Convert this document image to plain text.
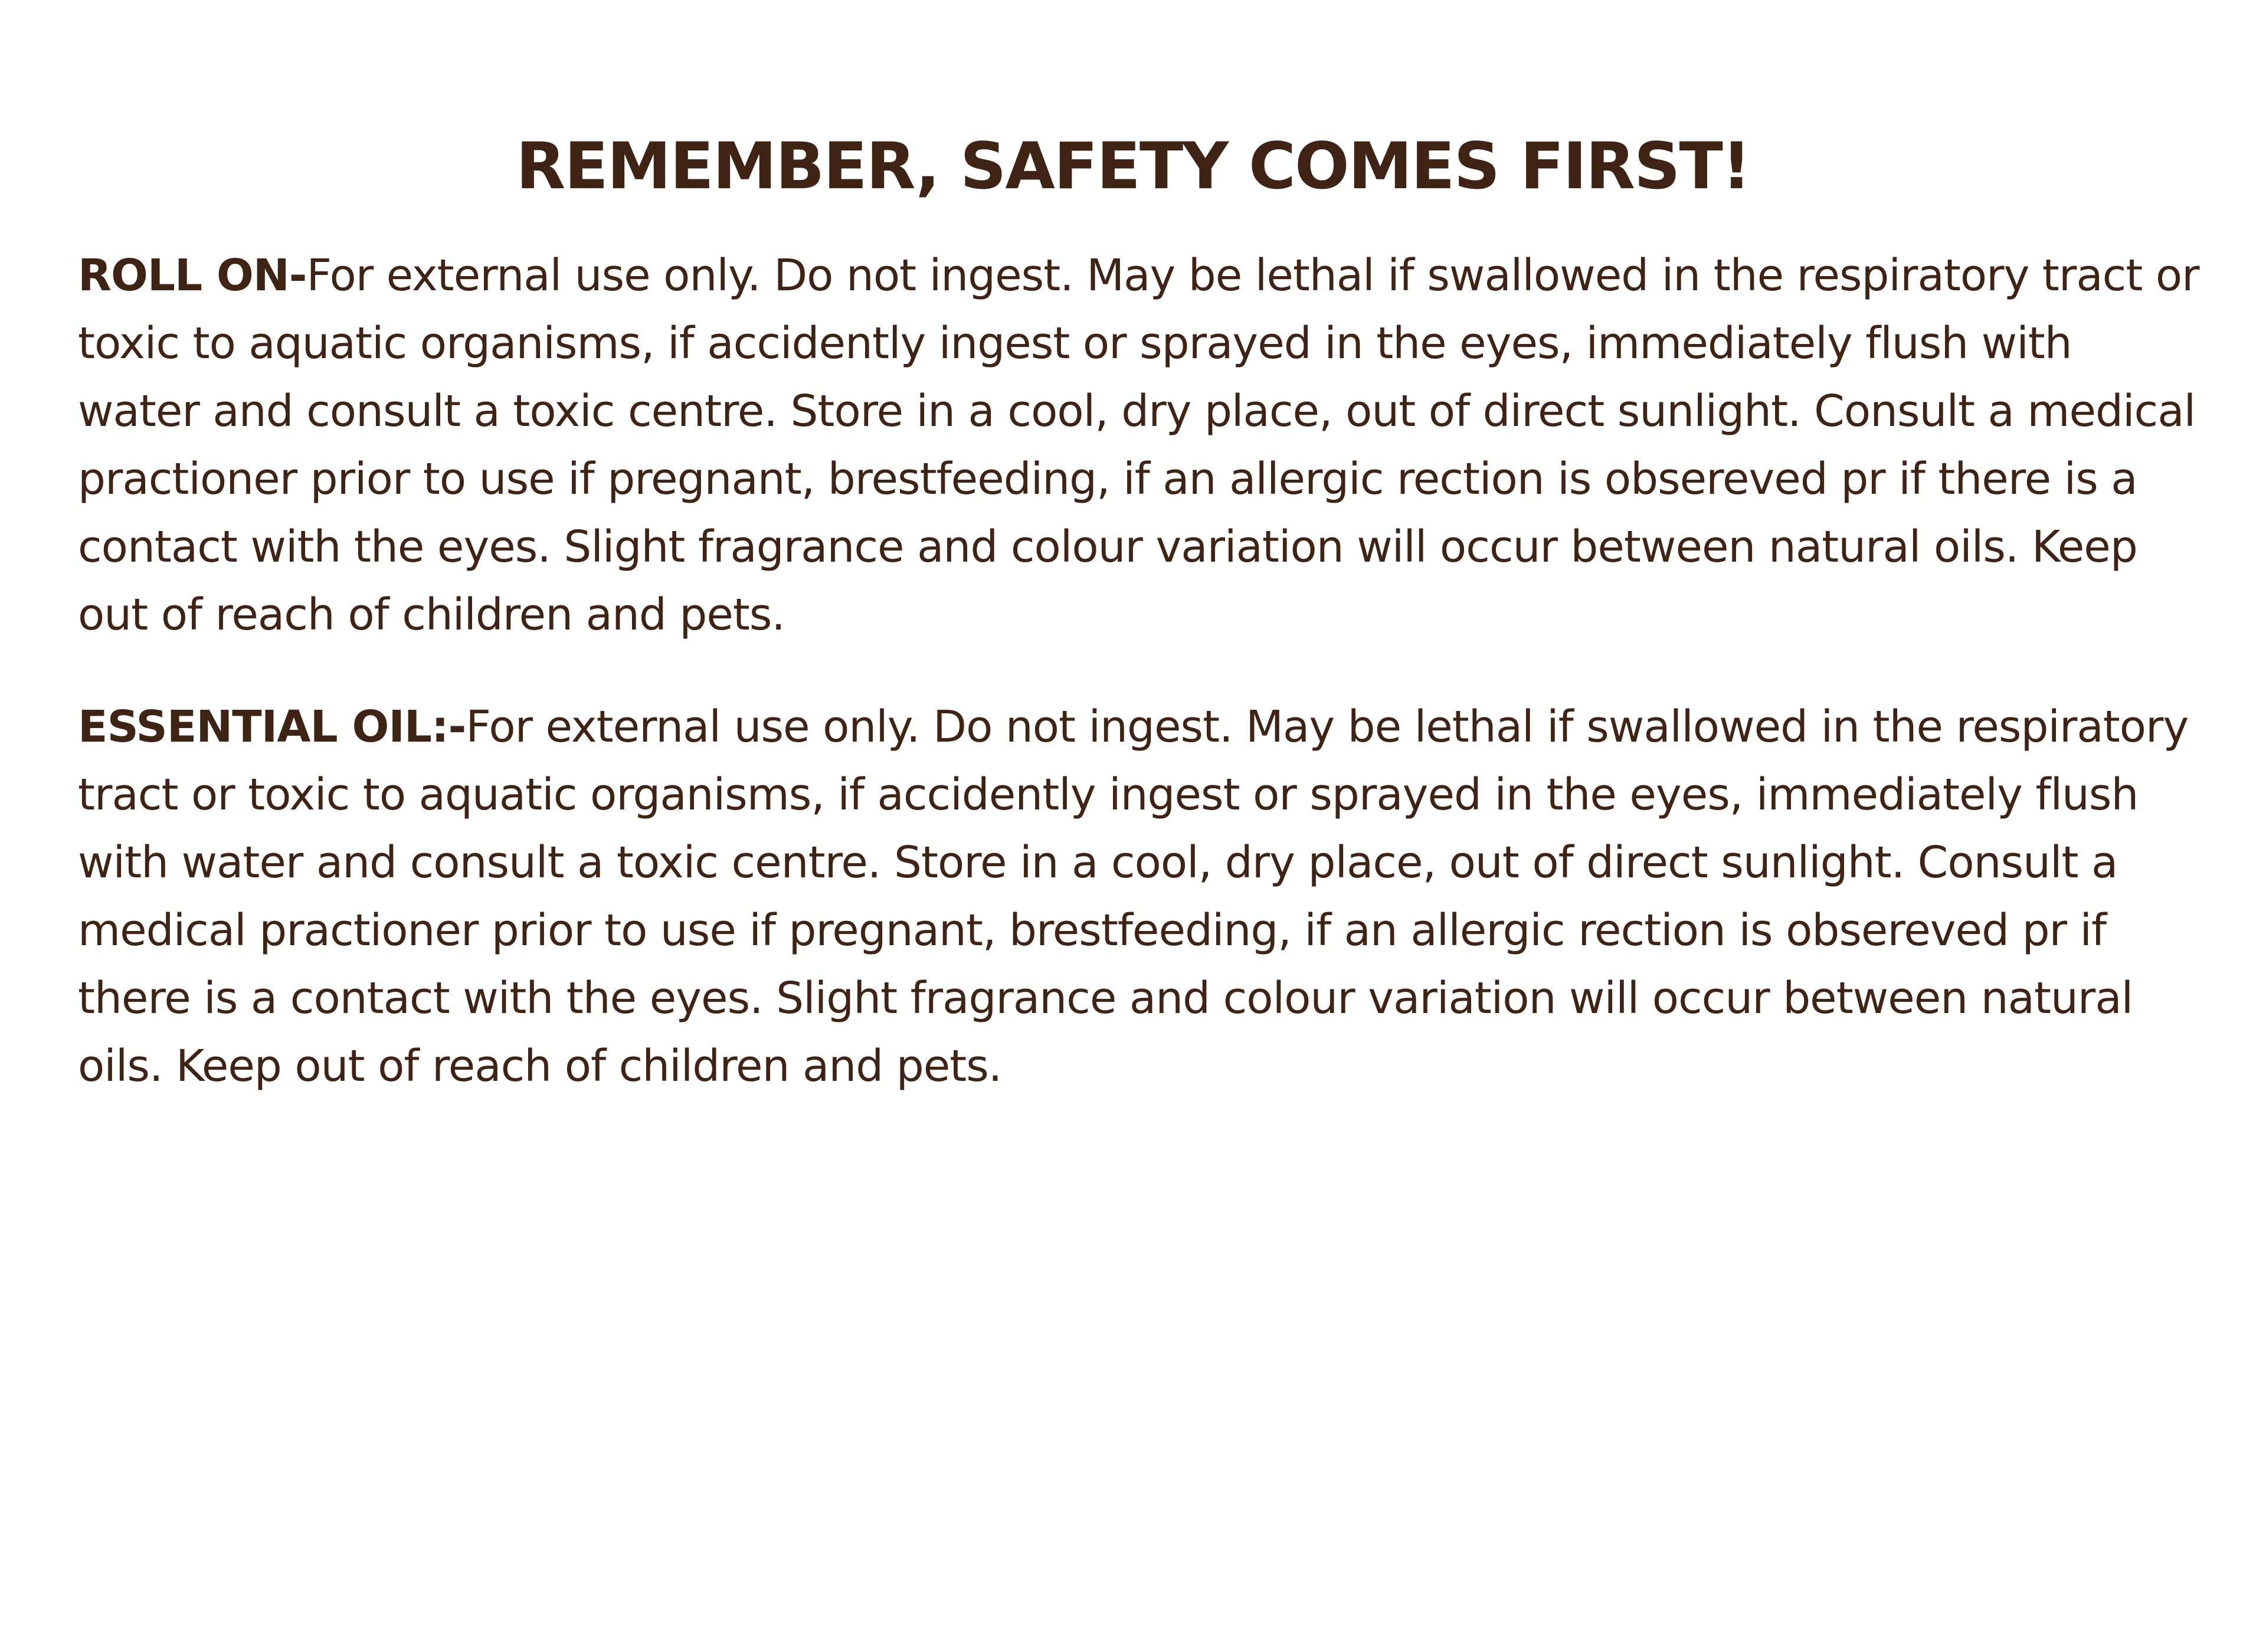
REMEMBER, SAFETY COMES FIRST!

ROLL ON-For external use only. Do not ingest. May be lethal if swallowed in the respiratory tract or toxic to aquatic organisms, if accidently ingest or sprayed in the eyes, immediately flush with water and consult a toxic centre. Store in a cool, dry place, out of direct sunlight. Consult a medical practioner prior to use if pregnant, brestfeeding, if an allergic rection is obsereved pr if there is a contact with the eyes. Slight fragrance and colour variation will occur between natural oils. Keep out of reach of children and pets.

ESSENTIAL OIL:-For external use only. Do not ingest. May be lethal if swallowed in the respiratory tract or toxic to aquatic organisms, if accidently ingest or sprayed in the eyes, immediately flush with water and consult a toxic centre. Store in a cool, dry place, out of direct sunlight. Consult a medical practioner prior to use if pregnant, brestfeeding, if an allergic rection is obsereved pr if there is a contact with the eyes. Slight fragrance and colour variation will occur between natural oils. Keep out of reach of children and pets.
